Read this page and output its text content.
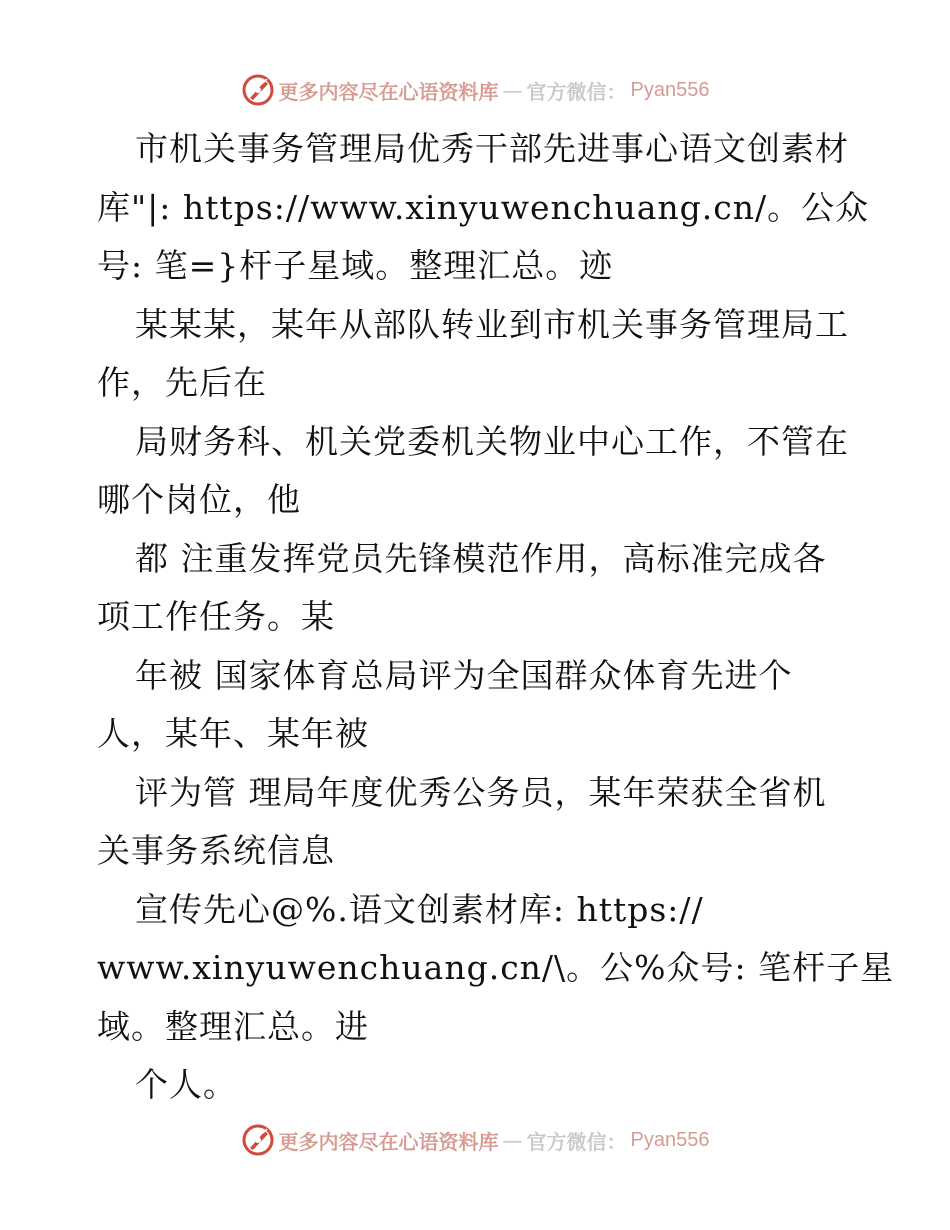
更多内容尽在心语资料库 — 官方微信： Pyan556
市机关事务管理局优秀干部先进事心语文创素材
库"|: https://www.xinyuwenchuang.cn/。公众
号: 笔=}杆子星域。整理汇总。迹
某某某，某年从部队转业到市机关事务管理局工
作，先后在
局财务科、机关党委机关物业中心工作，不管在
哪个岗位，他
都 注重发挥党员先锋模范作用，高标准完成各
项工作任务。某
年被 国家体育总局评为全国群众体育先进个
人，某年、某年被
评为管 理局年度优秀公务员，某年荣获全省机
关事务系统信息
宣传先心@%.语文创素材库: https://
www.xinyuwenchuang.cn/\。公%众号: 笔杆子星
域。整理汇总。进
个人。
更多内容尽在心语资料库 — 官方微信： Pyan556
